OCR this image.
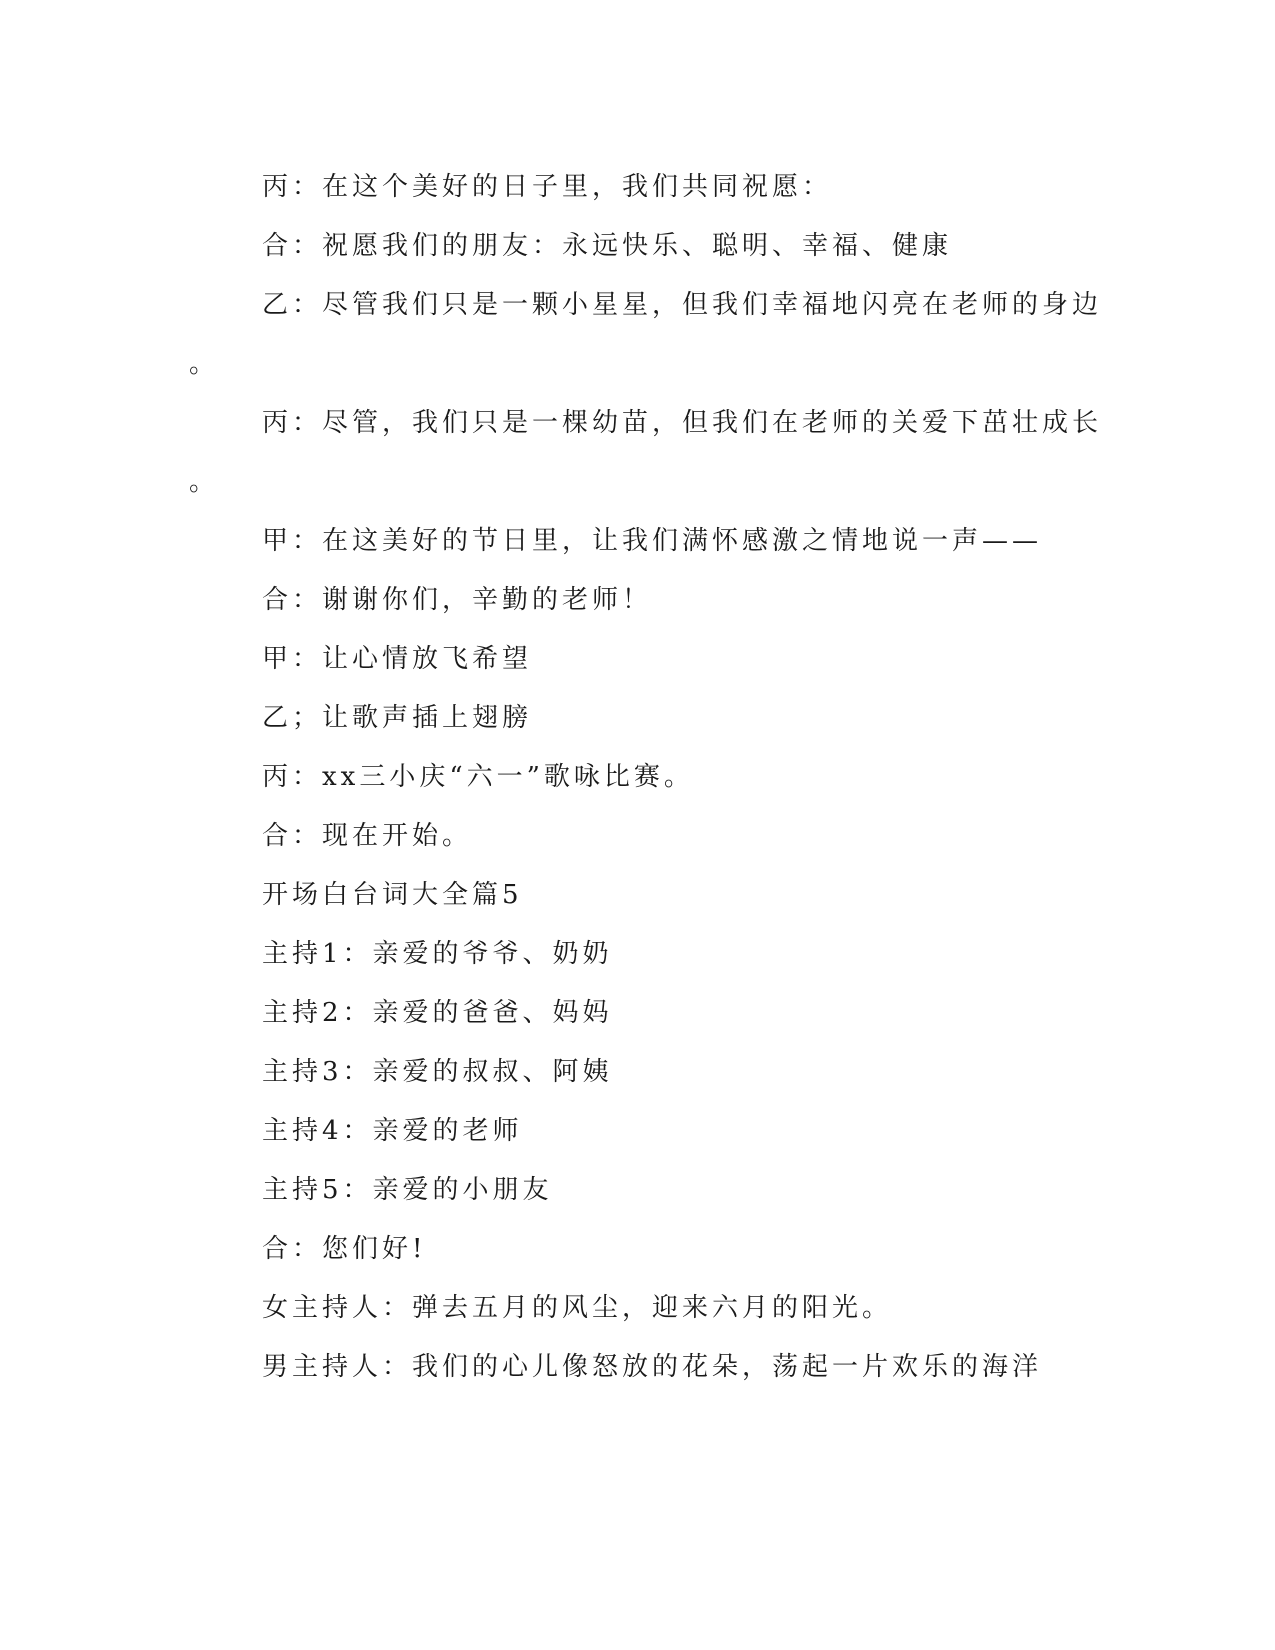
丙：在这个美好的日子里，我们共同祝愿：
合：祝愿我们的朋友：永远快乐、聪明、幸福、健康
乙：尽管我们只是一颗小星星，但我们幸福地闪亮在老师的身边
。
丙：尽管，我们只是一棵幼苗，但我们在老师的关爱下茁壮成长
。
甲：在这美好的节日里，让我们满怀感激之情地说一声——
合：谢谢你们，辛勤的老师！
甲：让心情放飞希望
乙；让歌声插上翅膀
丙：xx三小庆“六一”歌咏比赛。
合：现在开始。
开场白台词大全篇5
主持1：亲爱的爷爷、奶奶
主持2：亲爱的爸爸、妈妈
主持3：亲爱的叔叔、阿姨
主持4：亲爱的老师
主持5：亲爱的小朋友
合：您们好!
女主持人：弹去五月的风尘，迎来六月的阳光。
男主持人：我们的心儿像怒放的花朵，荡起一片欢乐的海洋
